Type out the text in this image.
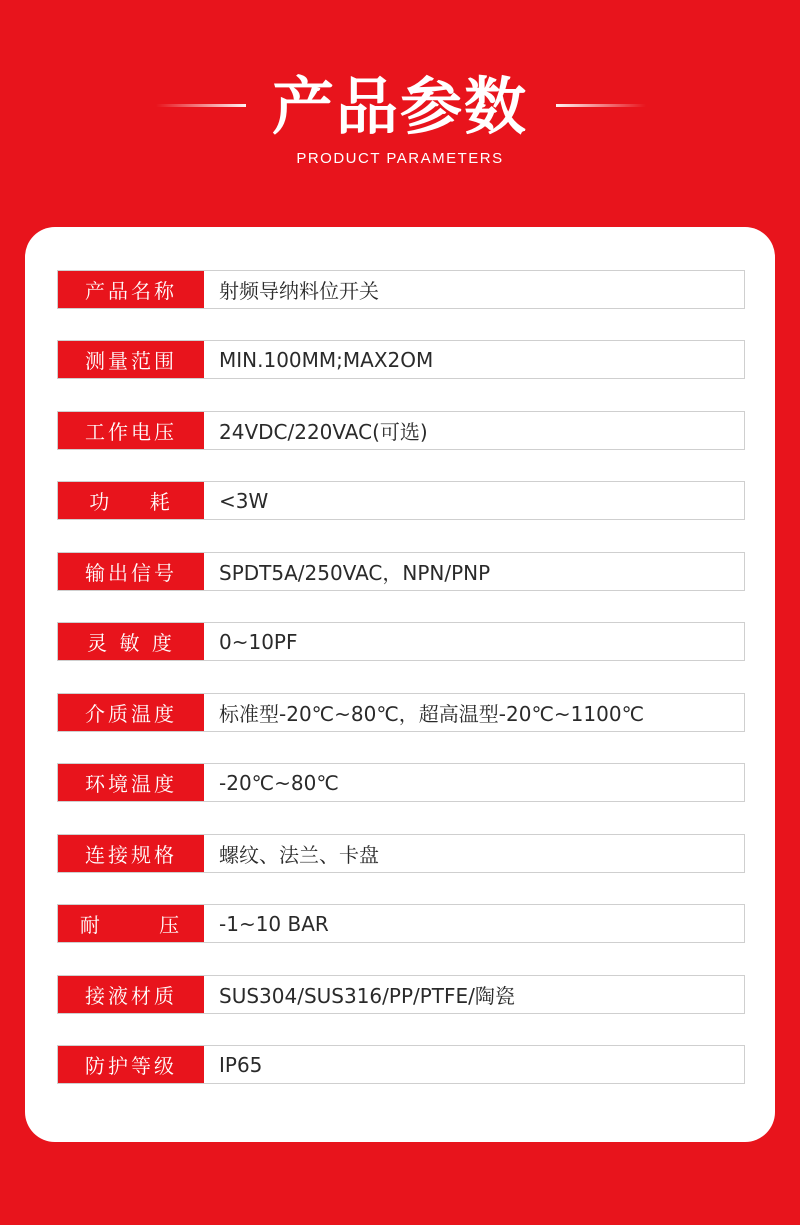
产品参数
PRODUCT PARAMETERS
产品名称	射频导纳料位开关
测量范围	MIN.100MM;MAX2OM
工作电压	24VDC/220VAC(可选)
功    耗	<3W
输出信号	SPDT5A/250VAC，NPN/PNP
灵 敏 度	0~10PF
介质温度	标准型-20℃~80℃，超高温型-20℃~1100℃
环境温度	-20℃~80℃
连接规格	螺纹、法兰、卡盘
耐      压	-1~10 BAR
接液材质	SUS304/SUS316/PP/PTFE/陶瓷
防护等级	IP65
